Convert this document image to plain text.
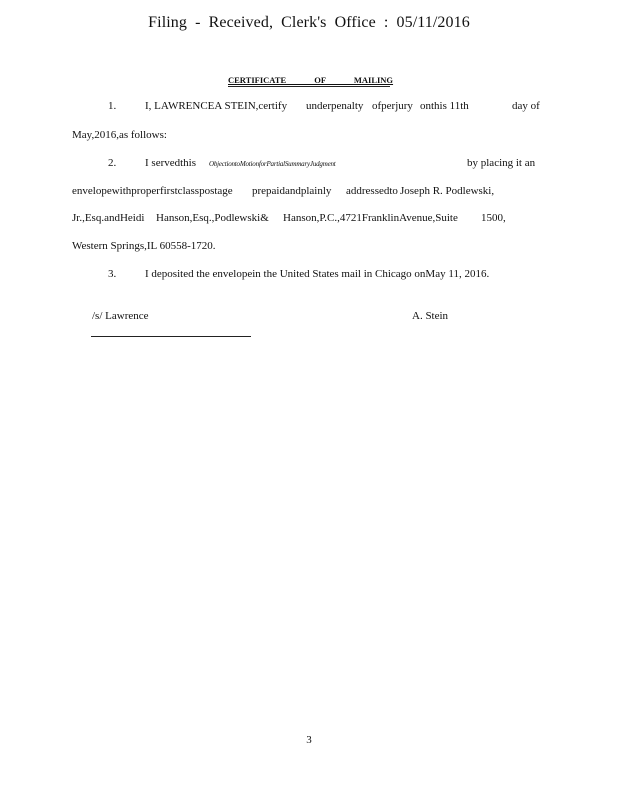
Filing - Received, Clerk's Office : 05/11/2016
CERTIFICATE OF MAILING
1.	I, LAWRENCEA STEIN,certify underpenalty ofperjury onthis 11th	day of
May,2016,as follows:
2.	I servedthis ObjectiontoMotionforPartialSummaryJudgment	by placing it an
envelopewithproperfirstclasspostage prepaidandplainly addressedto Joseph R. Podlewski,
Jr.,Esq.andHeidi Hanson,Esq.,Podlewski& Hanson,P.C.,4721FranklinAvenue,Suite 1500,
Western Springs,IL 60558-1720.
3.	I deposited the envelopein the United States mail in Chicago onMay 11, 2016.
/s/ Lawrence	A. Stein
3
